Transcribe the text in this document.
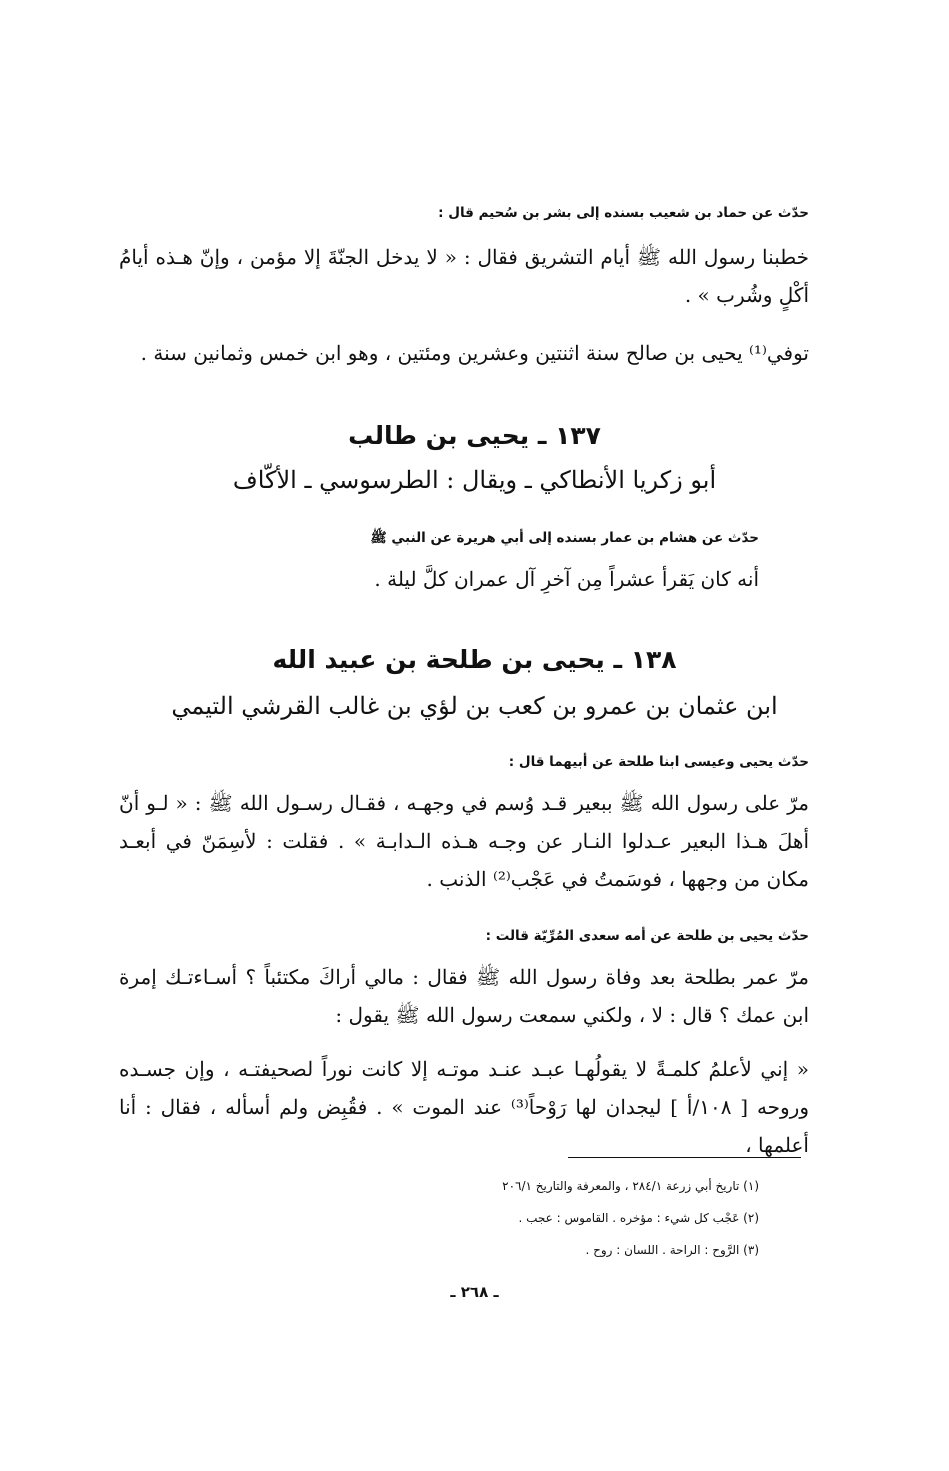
حدّث عن حماد بن شعيب بسنده إلى بشر بن سُحيم قال :

خطبنا رسول الله ﷺ أيام التشريق فقال : « لا يدخل الجنّةَ إلا مؤمن ، وإنّ هـذه أيامُ أكْلٍ وشُرب » .

توفي⁽¹⁾ يحيى بن صالح سنة اثنتين وعشرين ومئتين ، وهو ابن خمس وثمانين سنة .

١٣٧ ـ يحيى بن طالب
أبو زكريا الأنطاكي ـ ويقال : الطرسوسي ـ الأكّاف

حدّث عن هشام بن عمار بسنده إلى أبي هريرة عن النبي ﷺ

أنه كان يَقرأ عشراً مِن آخرِ آل عمران كلَّ ليلة .

١٣٨ ـ يحيى بن طلحة بن عبيد الله
ابن عثمان بن عمرو بن كعب بن لؤي بن غالب القرشي التيمي

حدّث يحيى وعيسى ابنا طلحة عن أبيهما قال :

مرّ على رسول الله ﷺ ببعير قـد وُسم في وجهـه ، فقـال رسـول الله ﷺ : « لـو أنّ أهلَ هـذا البعير عـدلوا النـار عن وجـه هـذه الـدابـة » . فقلت : لأسِمَنّ في أبعـد مكان من وجهها ، فوسَمتُ في عَجْب⁽²⁾ الذنب .

حدّث يحيى بن طلحة عن أمه سعدى المُرِّيّة قالت :

مرّ عمر بطلحة بعد وفاة رسول الله ﷺ فقال : مالي أراكَ مكتئباً ؟ أسـاءتـك إمرة ابن عمك ؟ قال : لا ، ولكني سمعت رسول الله ﷺ يقول :

« إني لأعلمُ كلمـةً لا يقولُهـا عبـد عنـد موتـه إلا كانت نوراً لصحيفتـه ، وإن جسـده وروحه [ ١٠٨/أ ] ليجدان لها رَوْحاً⁽³⁾ عند الموت » . فقُبِض ولم أسأله ، فقال : أنا أعلمها ،

(١) تاريخ أبي زرعة ٢٨٤/١ ، والمعرفة والتاريخ ٢٠٦/١
(٢) عَجْب كل شيء : مؤخره . القاموس : عجب .
(٣) الرَّوح : الراحة . اللسان : روح .
ـ ٢٦٨ ـ
